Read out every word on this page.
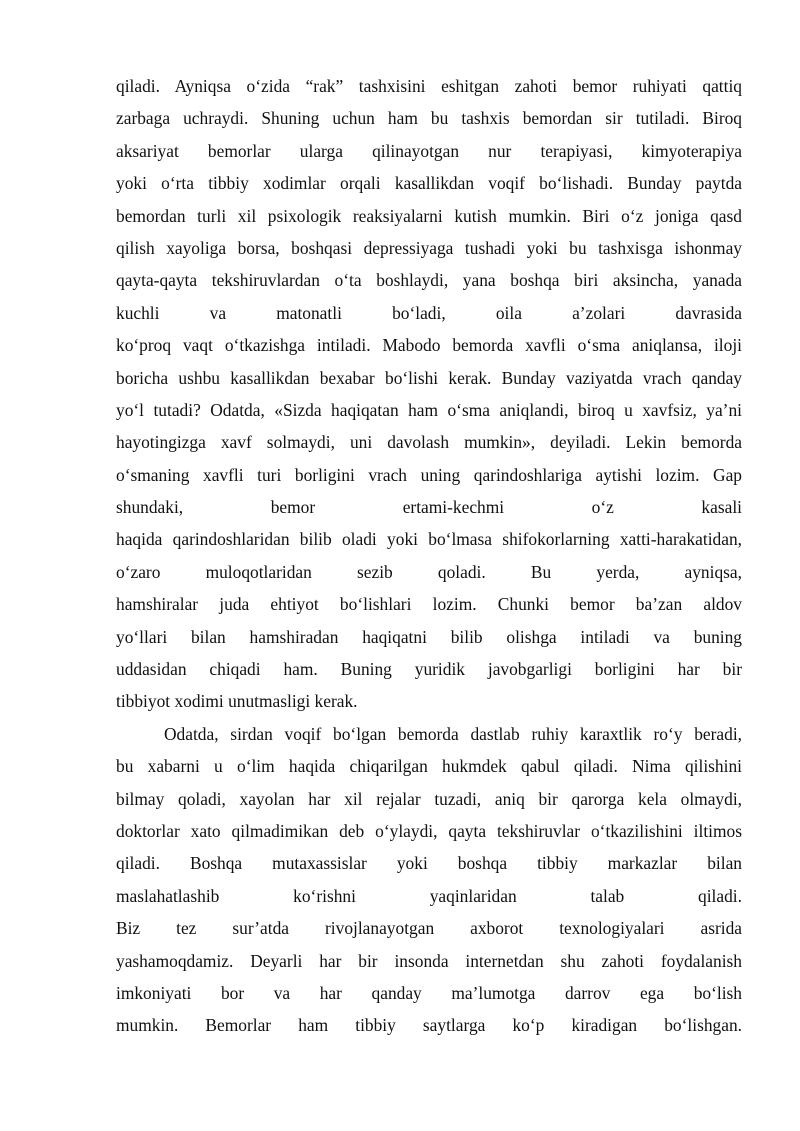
qiladi. Ayniqsa o‘zida “rak” tashxisini eshitgan zahoti bemor ruhiyati qattiq
zarbaga uchraydi. Shuning uchun ham bu tashxis bemordan sir tutiladi. Biroq
aksariyat bemorlar ularga qilinayotgan nur terapiyasi, kimyoterapiya
yoki o‘rta tibbiy xodimlar orqali kasallikdan voqif bo‘lishadi. Bunday paytda
bemordan turli xil psixologik reaksiyalarni kutish mumkin. Biri o‘z joniga qasd
qilish xayoliga borsa, boshqasi depressiyaga tushadi yoki bu tashxisga ishonmay
qayta-qayta tekshiruvlardan o‘ta boshlaydi, yana boshqa biri aksincha, yanada
kuchli va matonatli bo‘ladi, oila a’zolari davrasida
ko‘proq vaqt o‘tkazishga intiladi. Mabodo bemorda xavfli o‘sma aniqlansa, iloji
boricha ushbu kasallikdan bexabar bo‘lishi kerak. Bunday vaziyatda vrach qanday
yo‘l tutadi? Odatda, «Sizda haqiqatan ham o‘sma aniqlandi, biroq u xavfsiz, ya’ni
hayotingizga xavf solmaydi, uni davolash mumkin», deyiladi. Lekin bemorda
o‘smaning xavfli turi borligini vrach uning qarindoshlariga aytishi lozim. Gap
shundaki, bemor ertami-kechmi o‘z kasali
haqida qarindoshlaridan bilib oladi yoki bo‘lmasa shifokorlarning xatti-harakatidan,
o‘zaro muloqotlaridan sezib qoladi. Bu yerda, ayniqsa,
hamshiralar juda ehtiyot bo‘lishlari lozim. Chunki bemor ba’zan aldov
yo‘llari bilan hamshiradan haqiqatni bilib olishga intiladi va buning
uddasidan chiqadi ham. Buning yuridik javobgarligi borligini har bir
tibbiyot xodimi unutmasligi kerak.
Odatda, sirdan voqif bo‘lgan bemorda dastlab ruhiy karaxtlik ro‘y beradi,
bu xabarni u o‘lim haqida chiqarilgan hukmdek qabul qiladi. Nima qilishini
bilmay qoladi, xayolan har xil rejalar tuzadi, aniq bir qarorga kela olmaydi,
doktorlar xato qilmadimikan deb o‘ylaydi, qayta tekshiruvlar o‘tkazilishini iltimos
qiladi. Boshqa mutaxassislar yoki boshqa tibbiy markazlar bilan
maslahatlashib ko‘rishni yaqinlaridan talab qiladi.
Biz tez sur’atda rivojlanayotgan axborot texnologiyalari asrida
yashamoqdamiz. Deyarli har bir insonda internetdan shu zahoti foydalanish
imkoniyati bor va har qanday ma’lumotga darrov ega bo‘lish
mumkin. Bemorlar ham tibbiy saytlarga ko‘p kiradigan bo‘lishgan.
